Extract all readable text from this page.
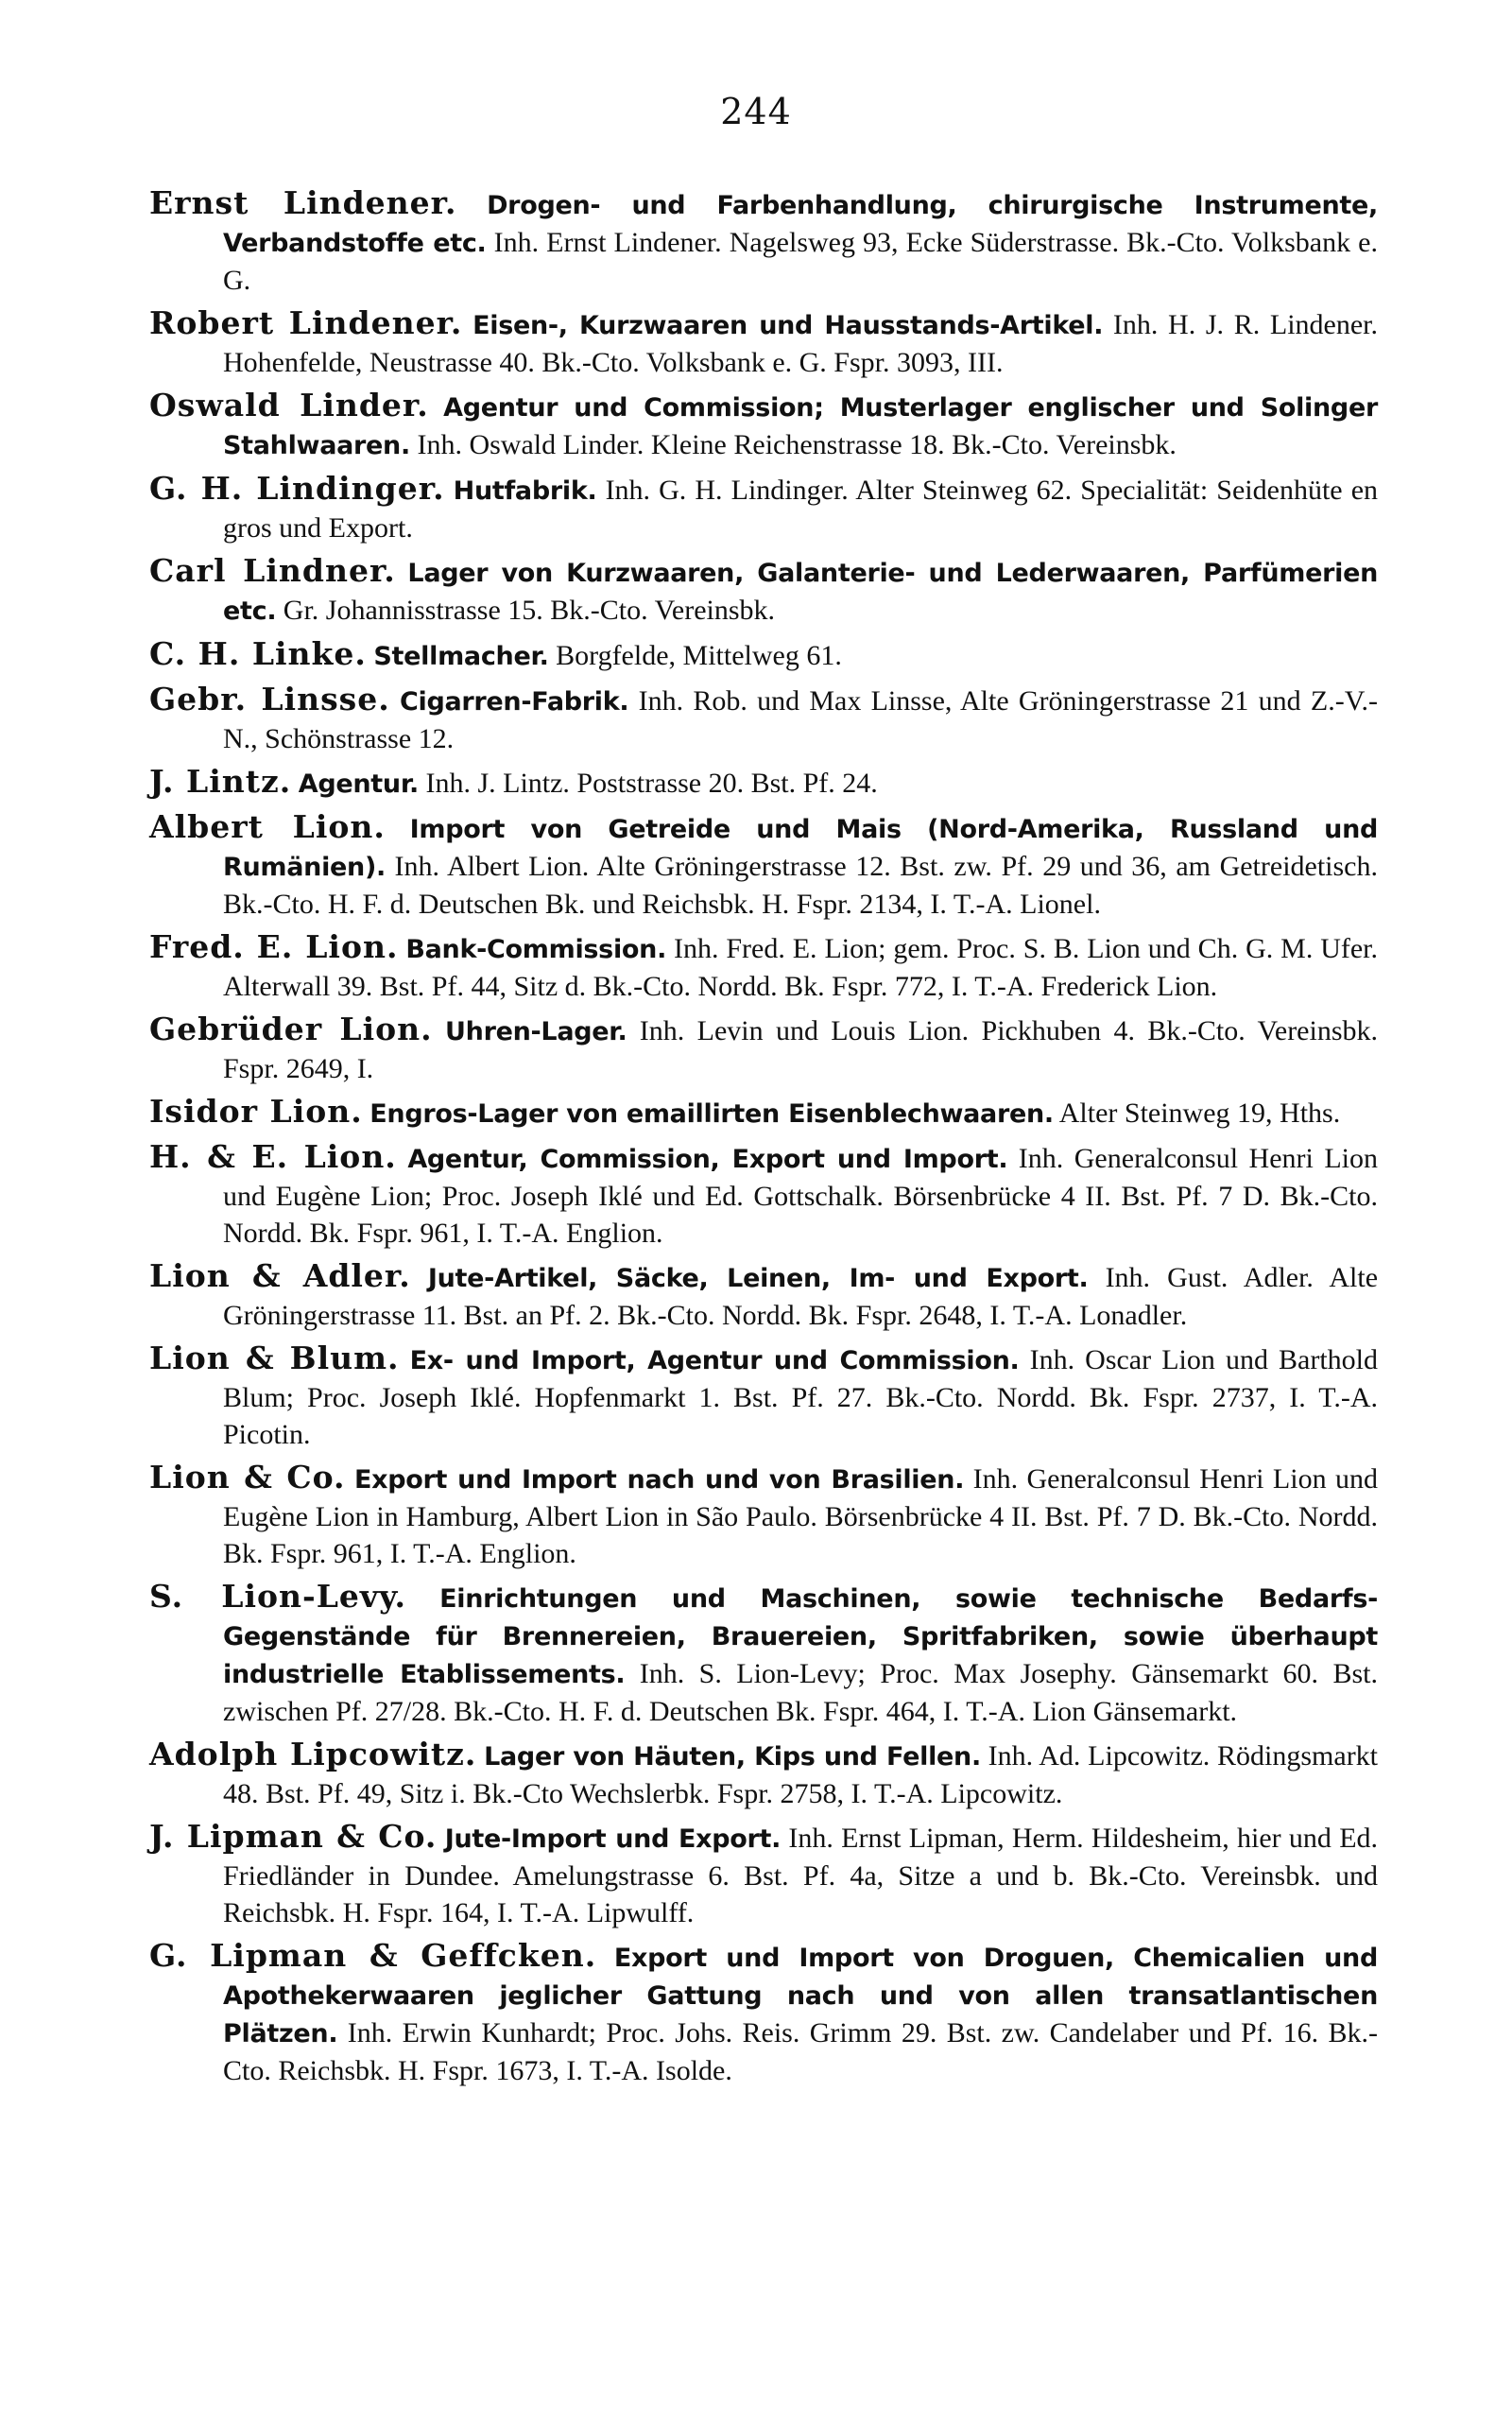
244
Ernst Lindener. Drogen- und Farbenhandlung, chirurgische Instrumente, Verbandstoffe etc. Inh. Ernst Lindener. Nagelsweg 93, Ecke Süderstrasse. Bk.-Cto. Volksbank e. G.
Robert Lindener. Eisen-, Kurzwaaren und Hausstands-Artikel. Inh. H. J. R. Lindener. Hohenfelde, Neustrasse 40. Bk.-Cto. Volksbank e. G. Fspr. 3093, III.
Oswald Linder. Agentur und Commission; Musterlager englischer und Solinger Stahlwaaren. Inh. Oswald Linder. Kleine Reichenstrasse 18. Bk.-Cto. Vereinsbk.
G. H. Lindinger. Hutfabrik. Inh. G. H. Lindinger. Alter Steinweg 62. Specialität: Seidenhüte en gros und Export.
Carl Lindner. Lager von Kurzwaaren, Galanterie- und Lederwaaren, Parfümerien etc. Gr. Johannisstrasse 15. Bk.-Cto. Vereinsbk.
C. H. Linke. Stellmacher. Borgfelde, Mittelweg 61.
Gebr. Linsse. Cigarren-Fabrik. Inh. Rob. und Max Linsse, Alte Gröningerstrasse 21 und Z.-V.-N., Schönstrasse 12.
J. Lintz. Agentur. Inh. J. Lintz. Poststrasse 20. Bst. Pf. 24.
Albert Lion. Import von Getreide und Mais (Nord-Amerika, Russland und Rumänien). Inh. Albert Lion. Alte Gröningerstrasse 12. Bst. zw. Pf. 29 und 36, am Getreidetisch. Bk.-Cto. H. F. d. Deutschen Bk. und Reichsbk. H. Fspr. 2134, I. T.-A. Lionel.
Fred. E. Lion. Bank-Commission. Inh. Fred. E. Lion; gem. Proc. S. B. Lion und Ch. G. M. Ufer. Alterwall 39. Bst. Pf. 44, Sitz d. Bk.-Cto. Nordd. Bk. Fspr. 772, I. T.-A. Frederick Lion.
Gebrüder Lion. Uhren-Lager. Inh. Levin und Louis Lion. Pickhuben 4. Bk.-Cto. Vereinsbk. Fspr. 2649, I.
Isidor Lion. Engros-Lager von emaillirten Eisenblechwaaren. Alter Steinweg 19, Hths.
H. & E. Lion. Agentur, Commission, Export und Import. Inh. Generalconsul Henri Lion und Eugène Lion; Proc. Joseph Iklé und Ed. Gottschalk. Börsenbrücke 4 II. Bst. Pf. 7 D. Bk.-Cto. Nordd. Bk. Fspr. 961, I. T.-A. Englion.
Lion & Adler. Jute-Artikel, Säcke, Leinen, Im- und Export. Inh. Gust. Adler. Alte Gröningerstrasse 11. Bst. an Pf. 2. Bk.-Cto. Nordd. Bk. Fspr. 2648, I. T.-A. Lonadler.
Lion & Blum. Ex- und Import, Agentur und Commission. Inh. Oscar Lion und Barthold Blum; Proc. Joseph Iklé. Hopfenmarkt 1. Bst. Pf. 27. Bk.-Cto. Nordd. Bk. Fspr. 2737, I. T.-A. Picotin.
Lion & Co. Export und Import nach und von Brasilien. Inh. Generalconsul Henri Lion und Eugène Lion in Hamburg, Albert Lion in São Paulo. Börsenbrücke 4 II. Bst. Pf. 7 D. Bk.-Cto. Nordd. Bk. Fspr. 961, I. T.-A. Englion.
S. Lion-Levy. Einrichtungen und Maschinen, sowie technische Bedarfs-Gegenstände für Brennereien, Brauereien, Spritfabriken, sowie überhaupt industrielle Etablissements. Inh. S. Lion-Levy; Proc. Max Josephy. Gänsemarkt 60. Bst. zwischen Pf. 27/28. Bk.-Cto. H. F. d. Deutschen Bk. Fspr. 464, I. T.-A. Lion Gänsemarkt.
Adolph Lipcowitz. Lager von Häuten, Kips und Fellen. Inh. Ad. Lipcowitz. Rödingsmarkt 48. Bst. Pf. 49, Sitz i. Bk.-Cto Wechslerbk. Fspr. 2758, I. T.-A. Lipcowitz.
J. Lipman & Co. Jute-Import und Export. Inh. Ernst Lipman, Herm. Hildesheim, hier und Ed. Friedländer in Dundee. Amelungstrasse 6. Bst. Pf. 4a, Sitze a und b. Bk.-Cto. Vereinsbk. und Reichsbk. H. Fspr. 164, I. T.-A. Lipwulff.
G. Lipman & Geffcken. Export und Import von Droguen, Chemicalien und Apothekerwaaren jeglicher Gattung nach und von allen transatlantischen Plätzen. Inh. Erwin Kunhardt; Proc. Johs. Reis. Grimm 29. Bst. zw. Candelaber und Pf. 16. Bk.-Cto. Reichsbk. H. Fspr. 1673, I. T.-A. Isolde.
